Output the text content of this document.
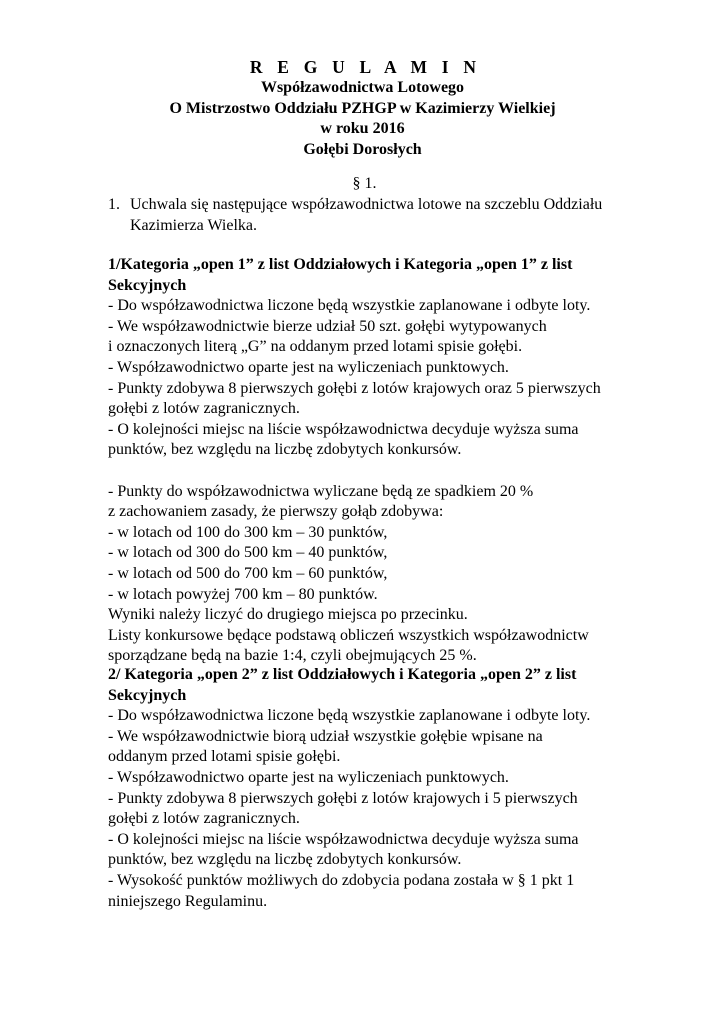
R E G U L A M I N
Współzawodnictwa Lotowego
O Mistrzostwo Oddziału PZHGP w Kazimierzy Wielkiej
w roku 2016
Gołębi Dorosłych
§ 1.
1. Uchwala się następujące współzawodnictwa lotowe na szczeblu Oddziału
Kazimierza Wielka.
1/Kategoria „open 1” z list Oddziałowych i Kategoria „open 1” z list
Sekcyjnych
- Do współzawodnictwa liczone będą wszystkie zaplanowane i odbyte loty.
- We współzawodnictwie bierze udział 50 szt. gołębi wytypowanych
i oznaczonych literą „G” na oddanym przed lotami spisie gołębi.
- Współzawodnictwo oparte jest na wyliczeniach punktowych.
- Punkty zdobywa 8 pierwszych gołębi z lotów krajowych oraz 5 pierwszych
gołębi z lotów zagranicznych.
- O kolejności miejsc na liście współzawodnictwa decyduje wyższa suma
punktów, bez względu na liczbę zdobytych konkursów.
- Punkty do współzawodnictwa wyliczane będą ze spadkiem 20 %
z zachowaniem zasady, że pierwszy gołąb zdobywa:
- w lotach od 100 do 300 km – 30 punktów,
- w lotach od 300 do 500 km – 40 punktów,
- w lotach od 500 do 700 km – 60 punktów,
- w lotach powyżej 700 km – 80 punktów.
Wyniki należy liczyć do drugiego miejsca po przecinku.
Listy konkursowe będące podstawą obliczeń wszystkich współzawodnictw
sporządzane będą na bazie 1:4, czyli obejmujących 25 %.
2/ Kategoria „open 2” z list Oddziałowych i Kategoria „open 2” z list
Sekcyjnych
- Do współzawodnictwa liczone będą wszystkie zaplanowane i odbyte loty.
- We współzawodnictwie biorą udział wszystkie gołębie wpisane na
oddanym przed lotami spisie gołębi.
- Współzawodnictwo oparte jest na wyliczeniach punktowych.
- Punkty zdobywa 8 pierwszych gołębi z lotów krajowych i 5 pierwszych
gołębi z lotów zagranicznych.
- O kolejności miejsc na liście współzawodnictwa decyduje wyższa suma
punktów, bez względu na liczbę zdobytych konkursów.
- Wysokość punktów możliwych do zdobycia podana została w § 1 pkt 1
niniejszego Regulaminu.
